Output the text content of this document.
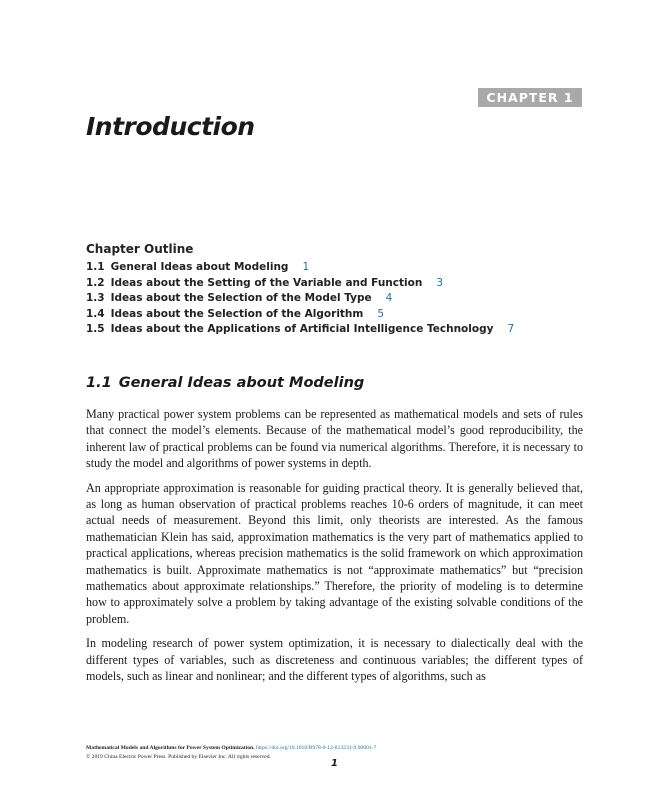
CHAPTER 1
Introduction
Chapter Outline
1.1 General Ideas about Modeling 1
1.2 Ideas about the Setting of the Variable and Function 3
1.3 Ideas about the Selection of the Model Type 4
1.4 Ideas about the Selection of the Algorithm 5
1.5 Ideas about the Applications of Artificial Intelligence Technology 7
1.1 General Ideas about Modeling

Many practical power system problems can be represented as mathematical models and sets of rules that connect the model’s elements. Because of the mathematical model’s good reproducibility, the inherent law of practical problems can be found via numerical algorithms. Therefore, it is necessary to study the model and algorithms of power systems in depth.

An appropriate approximation is reasonable for guiding practical theory. It is generally believed that, as long as human observation of practical problems reaches 10-6 orders of magnitude, it can meet actual needs of measurement. Beyond this limit, only theorists are interested. As the famous mathematician Klein has said, approximation mathematics is the very part of mathematics applied to practical applications, whereas precision mathematics is the solid framework on which approximation mathematics is built. Approximate mathematics is not “approximate mathematics” but “precision mathematics about approximate relationships.” Therefore, the priority of modeling is to determine how to approximately solve a problem by taking advantage of the existing solvable conditions of the problem.

In modeling research of power system optimization, it is necessary to dialectically deal with the different types of variables, such as discreteness and continuous variables; the different types of models, such as linear and nonlinear; and the different types of algorithms, such as

Mathematical Models and Algorithms for Power System Optimization. https://doi.org/10.1016/B978-0-12-813231-9.00001-7
© 2019 China Electric Power Press. Published by Elsevier Inc. All rights reserved.
1
